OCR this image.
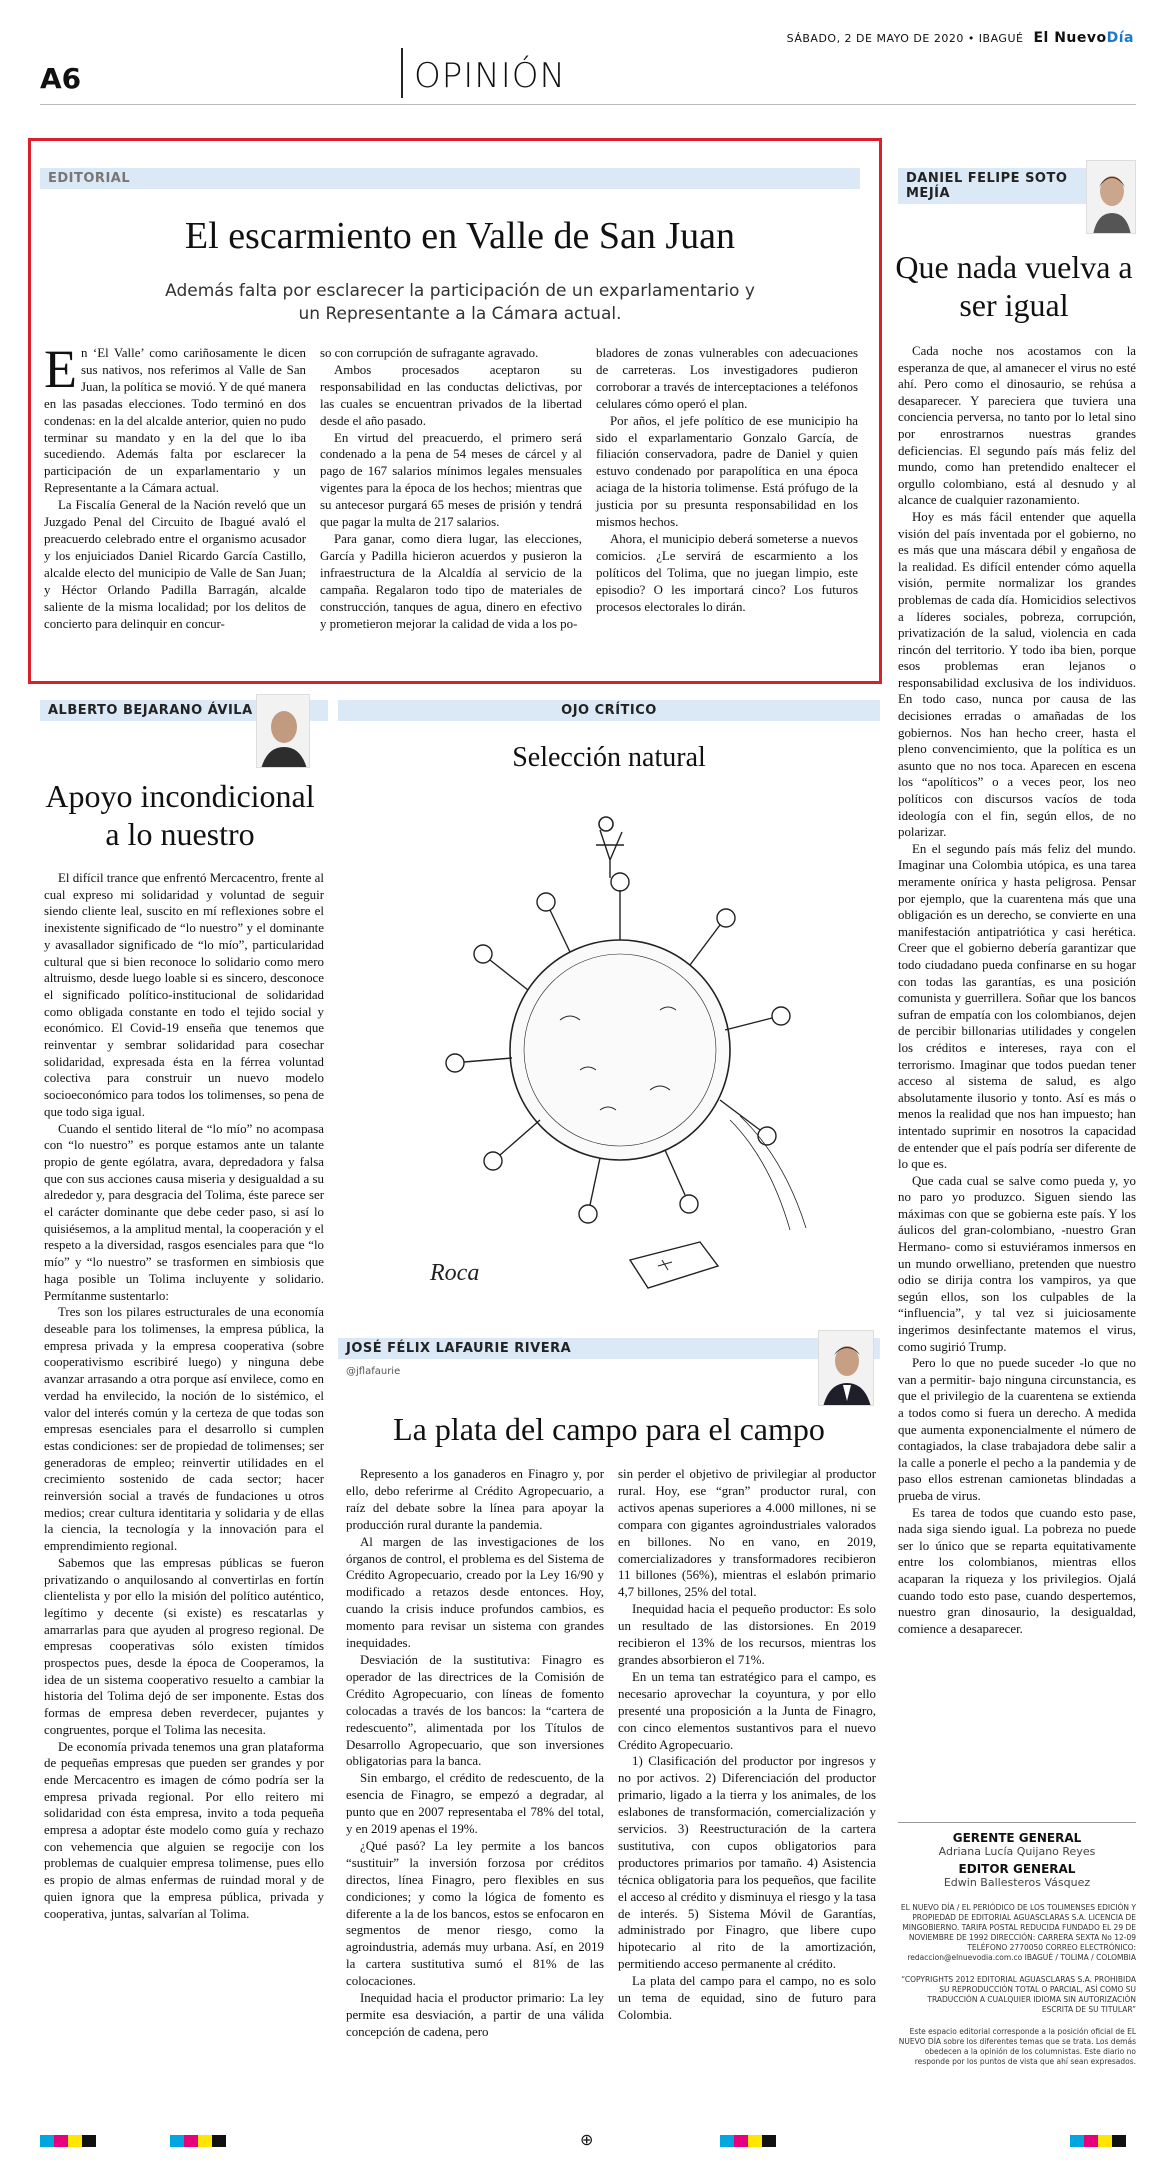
SÁBADO, 2 DE MAYO DE 2020 • IBAGUÉ El NuevoDía
A6	OPINIÓN
EDITORIAL
El escarmiento en Valle de San Juan
Además falta por esclarecer la participación de un exparlamentario y un Representante a la Cámara actual.

En ‘El Valle’ como cariñosamente le dicen sus nativos, nos referimos al Valle de San Juan, la política se movió. Y de qué manera en las pasadas elecciones. Todo terminó en dos condenas: en la del alcalde anterior, quien no pudo terminar su mandato y en la del que lo iba sucediendo. Además falta por esclarecer la participación de un exparlamentario y un Representante a la Cámara actual.

La Fiscalía General de la Nación reveló que un Juzgado Penal del Circuito de Ibagué avaló el preacuerdo celebrado entre el organismo acusador y los enjuiciados Daniel Ricardo García Castillo, alcalde electo del municipio de Valle de San Juan; y Héctor Orlando Padilla Barragán, alcalde saliente de la misma localidad; por los delitos de concierto para delinquir en concur-

so con corrupción de sufragante agravado.

Ambos procesados aceptaron su responsabilidad en las conductas delictivas, por las cuales se encuentran privados de la libertad desde el año pasado.

En virtud del preacuerdo, el primero será condenado a la pena de 54 meses de cárcel y al pago de 167 salarios mínimos legales mensuales vigentes para la época de los hechos; mientras que su antecesor purgará 65 meses de prisión y tendrá que pagar la multa de 217 salarios.

Para ganar, como diera lugar, las elecciones, García y Padilla hicieron acuerdos y pusieron la infraestructura de la Alcaldía al servicio de la campaña. Regalaron todo tipo de materiales de construcción, tanques de agua, dinero en efectivo y prometieron mejorar la calidad de vida a los po-

bladores de zonas vulnerables con adecuaciones de carreteras. Los investigadores pudieron corroborar a través de interceptaciones a teléfonos celulares cómo operó el plan.

Por años, el jefe político de ese municipio ha sido el exparlamentario Gonzalo García, de filiación conservadora, padre de Daniel y quien estuvo condenado por parapolítica en una época aciaga de la historia tolimense. Está prófugo de la justicia por su presunta responsabilidad en los mismos hechos.

Ahora, el municipio deberá someterse a nuevos comicios. ¿Le servirá de escarmiento a los políticos del Tolima, que no juegan limpio, este episodio? O les importará cinco? Los futuros procesos electorales lo dirán.

DANIEL FELIPE SOTO MEJÍA
Que nada vuelva a ser igual

Cada noche nos acostamos con la esperanza de que, al amanecer el virus no esté ahí. Pero como el dinosaurio, se rehúsa a desaparecer. Y pareciera que tuviera una conciencia perversa, no tanto por lo letal sino por enrostrarnos nuestras grandes deficiencias. El segundo país más feliz del mundo, como han pretendido enaltecer el orgullo colombiano, está al desnudo y al alcance de cualquier razonamiento.

Hoy es más fácil entender que aquella visión del país inventada por el gobierno, no es más que una máscara débil y engañosa de la realidad. Es difícil entender cómo aquella visión, permite normalizar los grandes problemas de cada día. Homicidios selectivos a líderes sociales, pobreza, corrupción, privatización de la salud, violencia en cada rincón del territorio. Y todo iba bien, porque esos problemas eran lejanos o responsabilidad exclusiva de los individuos. En todo caso, nunca por causa de las decisiones erradas o amañadas de los gobiernos. Nos han hecho creer, hasta el pleno convencimiento, que la política es un asunto que no nos toca. Aparecen en escena los “apolíticos” o a veces peor, los neo políticos con discursos vacíos de toda ideología con el fin, según ellos, de no polarizar.

En el segundo país más feliz del mundo. Imaginar una Colombia utópica, es una tarea meramente onírica y hasta peligrosa. Pensar por ejemplo, que la cuarentena más que una obligación es un derecho, se convierte en una manifestación antipatriótica y casi herética. Creer que el gobierno debería garantizar que todo ciudadano pueda confinarse en su hogar con todas las garantías, es una posición comunista y guerrillera. Soñar que los bancos sufran de empatía con los colombianos, dejen de percibir billonarias utilidades y congelen los créditos e intereses, raya con el terrorismo. Imaginar que todos puedan tener acceso al sistema de salud, es algo absolutamente ilusorio y tonto. Así es más o menos la realidad que nos han impuesto; han intentado suprimir en nosotros la capacidad de entender que el país podría ser diferente de lo que es.

Que cada cual se salve como pueda y, yo no paro yo produzco. Siguen siendo las máximas con que se gobierna este país. Y los áulicos del gran-colombiano, -nuestro Gran Hermano- como si estuviéramos inmersos en un mundo orwelliano, pretenden que nuestro odio se dirija contra los vampiros, ya que según ellos, son los culpables de la “influencia”, y tal vez si juiciosamente ingerimos desinfectante matemos el virus, como sugirió Trump.

Pero lo que no puede suceder -lo que no van a permitir- bajo ninguna circunstancia, es que el privilegio de la cuarentena se extienda a todos como si fuera un derecho. A medida que aumenta exponencialmente el número de contagiados, la clase trabajadora debe salir a la calle a ponerle el pecho a la pandemia y de paso ellos estrenan camionetas blindadas a prueba de virus.

Es tarea de todos que cuando esto pase, nada siga siendo igual. La pobreza no puede ser lo único que se reparta equitativamente entre los colombianos, mientras ellos acaparan la riqueza y los privilegios. Ojalá cuando todo esto pase, cuando despertemos, nuestro gran dinosaurio, la desigualdad, comience a desaparecer.

GERENTE GENERAL
Adriana Lucía Quijano Reyes
EDITOR GENERAL
Edwin Ballesteros Vásquez
EL NUEVO DÍA / EL PERIÓDICO DE LOS TOLIMENSES EDICIÓN Y PROPIEDAD DE EDITORIAL AGUASCLARAS S.A. LICENCIA DE MINGOBIERNO. TARIFA POSTAL REDUCIDA FUNDADO EL 29 DE NOVIEMBRE DE 1992 DIRECCIÓN: CARRERA SEXTA No 12-09 TELÉFONO 2770050 CORREO ELECTRÓNICO: redaccion@elnuevodia.com.co IBAGUÉ / TOLIMA / COLOMBIA
“COPYRIGHTS 2012 EDITORIAL AGUASCLARAS S.A. PROHIBIDA SU REPRODUCCIÓN TOTAL O PARCIAL, ASÍ COMO SU TRADUCCIÓN A CUALQUIER IDIOMA SIN AUTORIZACIÓN ESCRITA DE SU TITULAR”
Este espacio editorial corresponde a la posición oficial de EL NUEVO DÍA sobre los diferentes temas que se trata. Los demás obedecen a la opinión de los columnistas. Este diario no responde por los puntos de vista que ahí sean expresados.
ALBERTO BEJARANO ÁVILA
Apoyo incondicional a lo nuestro

El difícil trance que enfrentó Mercacentro, frente al cual expreso mi solidaridad y voluntad de seguir siendo cliente leal, suscito en mí reflexiones sobre el inexistente significado de “lo nuestro” y el dominante y avasallador significado de “lo mío”, particularidad cultural que si bien reconoce lo solidario como mero altruismo, desde luego loable si es sincero, desconoce el significado político-institucional de solidaridad como obligada constante en todo el tejido social y económico. El Covid-19 enseña que tenemos que reinventar y sembrar solidaridad para cosechar solidaridad, expresada ésta en la férrea voluntad colectiva para construir un nuevo modelo socioeconómico para todos los tolimenses, so pena de que todo siga igual.

Cuando el sentido literal de “lo mío” no acompasa con “lo nuestro” es porque estamos ante un talante propio de gente ególatra, avara, depredadora y falsa que con sus acciones causa miseria y desigualdad a su alrededor y, para desgracia del Tolima, éste parece ser el carácter dominante que debe ceder paso, si así lo quisiésemos, a la amplitud mental, la cooperación y el respeto a la diversidad, rasgos esenciales para que “lo mío” y “lo nuestro” se trasformen en simbiosis que haga posible un Tolima incluyente y solidario. Permítanme sustentarlo:

Tres son los pilares estructurales de una economía deseable para los tolimenses, la empresa pública, la empresa privada y la empresa cooperativa (sobre cooperativismo escribiré luego) y ninguna debe avanzar arrasando a otra porque así envilece, como en verdad ha envilecido, la noción de lo sistémico, el valor del interés común y la certeza de que todas son empresas esenciales para el desarrollo si cumplen estas condiciones: ser de propiedad de tolimenses; ser generadoras de empleo; reinvertir utilidades en el crecimiento sostenido de cada sector; hacer reinversión social a través de fundaciones u otros medios; crear cultura identitaria y solidaria y de ellas la ciencia, la tecnología y la innovación para el emprendimiento regional.

Sabemos que las empresas públicas se fueron privatizando o anquilosando al convertirlas en fortín clientelista y por ello la misión del político auténtico, legítimo y decente (si existe) es rescatarlas y amarrarlas para que ayuden al progreso regional. De empresas cooperativas sólo existen tímidos prospectos pues, desde la época de Cooperamos, la idea de un sistema cooperativo resuelto a cambiar la historia del Tolima dejó de ser imponente. Estas dos formas de empresa deben reverdecer, pujantes y congruentes, porque el Tolima las necesita.

De economía privada tenemos una gran plataforma de pequeñas empresas que pueden ser grandes y por ende Mercacentro es imagen de cómo podría ser la empresa privada regional. Por ello reitero mi solidaridad con ésta empresa, invito a toda pequeña empresa a adoptar éste modelo como guía y rechazo con vehemencia que alguien se regocije con los problemas de cualquier empresa tolimense, pues ello es propio de almas enfermas de ruindad moral y de quien ignora que la empresa pública, privada y cooperativa, juntas, salvarían al Tolima.

OJO CRÍTICO
Selección natural
Roca
JOSÉ FÉLIX LAFAURIE RIVERA
@jflafaurie
La plata del campo para el campo

Represento a los ganaderos en Finagro y, por ello, debo referirme al Crédito Agropecuario, a raíz del debate sobre la línea para apoyar la producción rural durante la pandemia.

Al margen de las investigaciones de los órganos de control, el problema es del Sistema de Crédito Agropecuario, creado por la Ley 16/90 y modificado a retazos desde entonces. Hoy, cuando la crisis induce profundos cambios, es momento para revisar un sistema con grandes inequidades.

Desviación de la sustitutiva: Finagro es operador de las directrices de la Comisión de Crédito Agropecuario, con líneas de fomento colocadas a través de los bancos: la “cartera de redescuento”, alimentada por los Títulos de Desarrollo Agropecuario, que son inversiones obligatorias para la banca.

Sin embargo, el crédito de redescuento, de la esencia de Finagro, se empezó a degradar, al punto que en 2007 representaba el 78% del total, y en 2019 apenas el 19%.

¿Qué pasó? La ley permite a los bancos “sustituir” la inversión forzosa por créditos directos, línea Finagro, pero flexibles en sus condiciones; y como la lógica de fomento es diferente a la de los bancos, estos se enfocaron en segmentos de menor riesgo, como la agroindustria, además muy urbana. Así, en 2019 la cartera sustitutiva sumó el 81% de las colocaciones.

Inequidad hacia el productor primario: La ley permite esa desviación, a partir de una válida concepción de cadena, pero

sin perder el objetivo de privilegiar al productor rural. Hoy, ese “gran” productor rural, con activos apenas superiores a 4.000 millones, ni se compara con gigantes agroindustriales valorados en billones. No en vano, en 2019, comercializadores y transformadores recibieron 11 billones (56%), mientras el eslabón primario 4,7 billones, 25% del total.

Inequidad hacia el pequeño productor: Es solo un resultado de las distorsiones. En 2019 recibieron el 13% de los recursos, mientras los grandes absorbieron el 71%.

En un tema tan estratégico para el campo, es necesario aprovechar la coyuntura, y por ello presenté una proposición a la Junta de Finagro, con cinco elementos sustantivos para el nuevo Crédito Agropecuario.

1) Clasificación del productor por ingresos y no por activos. 2) Diferenciación del productor primario, ligado a la tierra y los animales, de los eslabones de transformación, comercialización y servicios. 3) Reestructuración de la cartera sustitutiva, con cupos obligatorios para productores primarios por tamaño. 4) Asistencia técnica obligatoria para los pequeños, que facilite el acceso al crédito y disminuya el riesgo y la tasa de interés. 5) Sistema Móvil de Garantías, administrado por Finagro, que libere cupo hipotecario al rito de la amortización, permitiendo acceso permanente al crédito.

La plata del campo para el campo, no es solo un tema de equidad, sino de futuro para Colombia.

⊕
